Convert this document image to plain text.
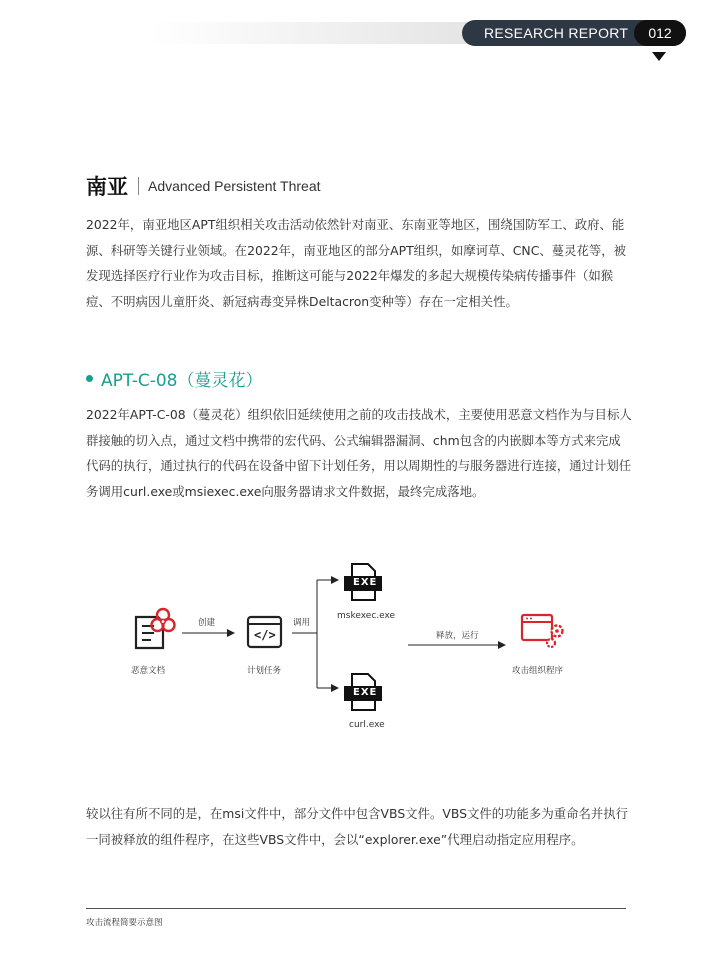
RESEARCH REPORT	012
南亚 Advanced Persistent Threat

2022年，南亚地区APT组织相关攻击活动依然针对南亚、东南亚等地区，围绕国防军工、政府、能源、科研等关键行业领域。在2022年，南亚地区的部分APT组织，如摩诃草、CNC、蔓灵花等，被发现选择医疗行业作为攻击目标，推断这可能与2022年爆发的多起大规模传染病传播事件（如猴痘、不明病因儿童肝炎、新冠病毒变异株Deltacron变种等）存在一定相关性。

APT-C-08（蔓灵花）

2022年APT-C-08（蔓灵花）组织依旧延续使用之前的攻击技战术，主要使用恶意文档作为与目标人群接触的切入点，通过文档中携带的宏代码、公式编辑器漏洞、chm包含的内嵌脚本等方式来完成代码的执行，通过执行的代码在设备中留下计划任务，用以周期性的与服务器进行连接，通过计划任务调用curl.exe或msiexec.exe向服务器请求文件数据，最终完成落地。

恶意文档
创建
</>
计划任务
调用
EXE
mskexec.exe
EXE
curl.exe
释放，运行
攻击组织程序

较以往有所不同的是，在msi文件中，部分文件中包含VBS文件。VBS文件的功能多为重命名并执行一同被释放的组件程序，在这些VBS文件中，会以“explorer.exe”代理启动指定应用程序。

攻击流程简要示意图
